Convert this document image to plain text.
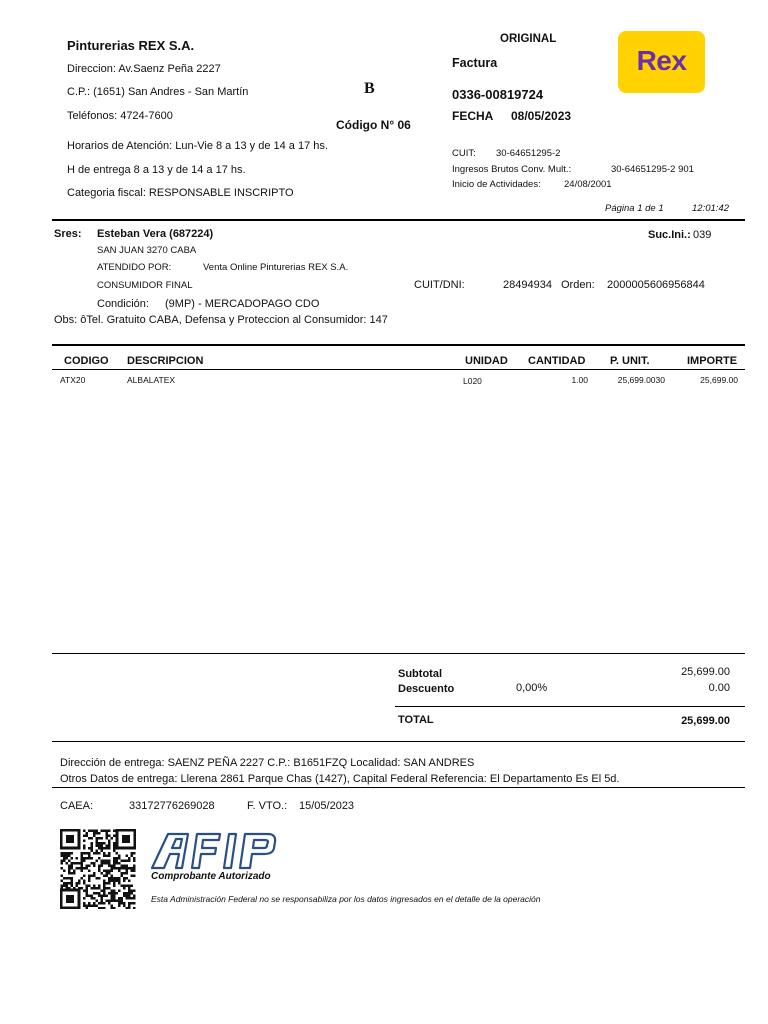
Pinturerias REX S.A.
Direccion: Av.Saenz Peña 2227
C.P.: (1651) San Andres - San Martín
Teléfonos: 4724-7600
Horarios de Atención: Lun-Vie 8 a 13 y de 14 a 17 hs.
H de entrega 8 a 13 y de 14 a 17 hs.
Categoria fiscal: RESPONSABLE INSCRIPTO
B
Código N° 06
ORIGINAL
Factura
0336-00819724
FECHA 08/05/2023
Rex
CUIT: 30-64651295-2
Ingresos Brutos Conv. Mult.:	30-64651295-2 901
Inicio de Actividades: 24/08/2001
Página 1 de 1	12:01:42
Sres: Esteban Vera (687224)	Suc.Ini.: 039
SAN JUAN 3270 CABA
ATENDIDO POR:	Venta Online Pinturerias REX S.A.
CONSUMIDOR FINAL	CUIT/DNI:	28494934 Orden: 2000005606956844
Condición: (9MP) - MERCADOPAGO CDO
Obs: ôTel. Gratuito CABA, Defensa y Proteccion al Consumidor: 147
CODIGO DESCRIPCION	UNIDAD CANTIDAD P. UNIT.	IMPORTE
ATX20	ALBALATEX	L020	1.00	25,699.0030	25,699.00
Subtotal	25,699.00
Descuento	0,00%	0.00
TOTAL	25,699.00
Dirección de entrega: SAENZ PEÑA 2227 C.P.: B1651FZQ Localidad: SAN ANDRES
Otros Datos de entrega: Llerena 2861 Parque Chas (1427), Capital Federal Referencia: El Departamento Es El 5d.
CAEA:	33172776269028	F. VTO.: 15/05/2023
AFIP
Comprobante Autorizado
Esta Administración Federal no se responsabiliza por los datos ingresados en el detalle de la operación
